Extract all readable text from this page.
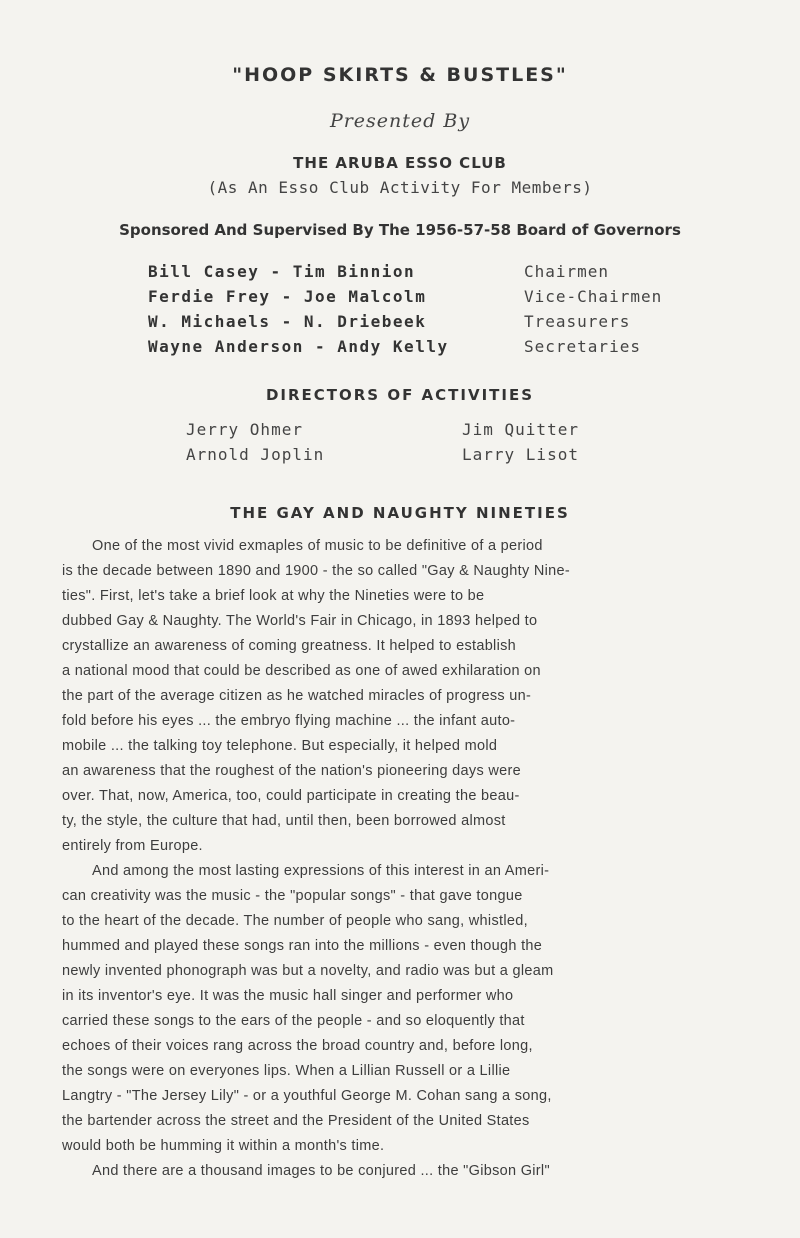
"HOOP SKIRTS & BUSTLES"
Presented By
THE ARUBA ESSO CLUB
(As An Esso Club Activity For Members)
Sponsored And Supervised By The 1956-57-58 Board of Governors
Bill Casey - Tim Binnion	Chairmen
Ferdie Frey - Joe Malcolm	Vice-Chairmen
W. Michaels - N. Driebeek	Treasurers
Wayne Anderson - Andy Kelly	Secretaries
DIRECTORS OF ACTIVITIES
Jerry Ohmer	Jim Quitter
Arnold Joplin	Larry Lisot
THE GAY AND NAUGHTY NINETIES
One of the most vivid exmaples of music to be definitive of a period
is the decade between 1890 and 1900 - the so called "Gay & Naughty Nine-
ties". First, let's take a brief look at why the Nineties were to be
dubbed Gay & Naughty. The World's Fair in Chicago, in 1893 helped to
crystallize an awareness of coming greatness. It helped to establish
a national mood that could be described as one of awed exhilaration on
the part of the average citizen as he watched miracles of progress un-
fold before his eyes ... the embryo flying machine ... the infant auto-
mobile ... the talking toy telephone. But especially, it helped mold
an awareness that the roughest of the nation's pioneering days were
over. That, now, America, too, could participate in creating the beau-
ty, the style, the culture that had, until then, been borrowed almost
entirely from Europe.
And among the most lasting expressions of this interest in an Ameri-
can creativity was the music - the "popular songs" - that gave tongue
to the heart of the decade. The number of people who sang, whistled,
hummed and played these songs ran into the millions - even though the
newly invented phonograph was but a novelty, and radio was but a gleam
in its inventor's eye. It was the music hall singer and performer who
carried these songs to the ears of the people - and so eloquently that
echoes of their voices rang across the broad country and, before long,
the songs were on everyones lips. When a Lillian Russell or a Lillie
Langtry - "The Jersey Lily" - or a youthful George M. Cohan sang a song,
the bartender across the street and the President of the United States
would both be humming it within a month's time.
And there are a thousand images to be conjured ... the "Gibson Girl"
